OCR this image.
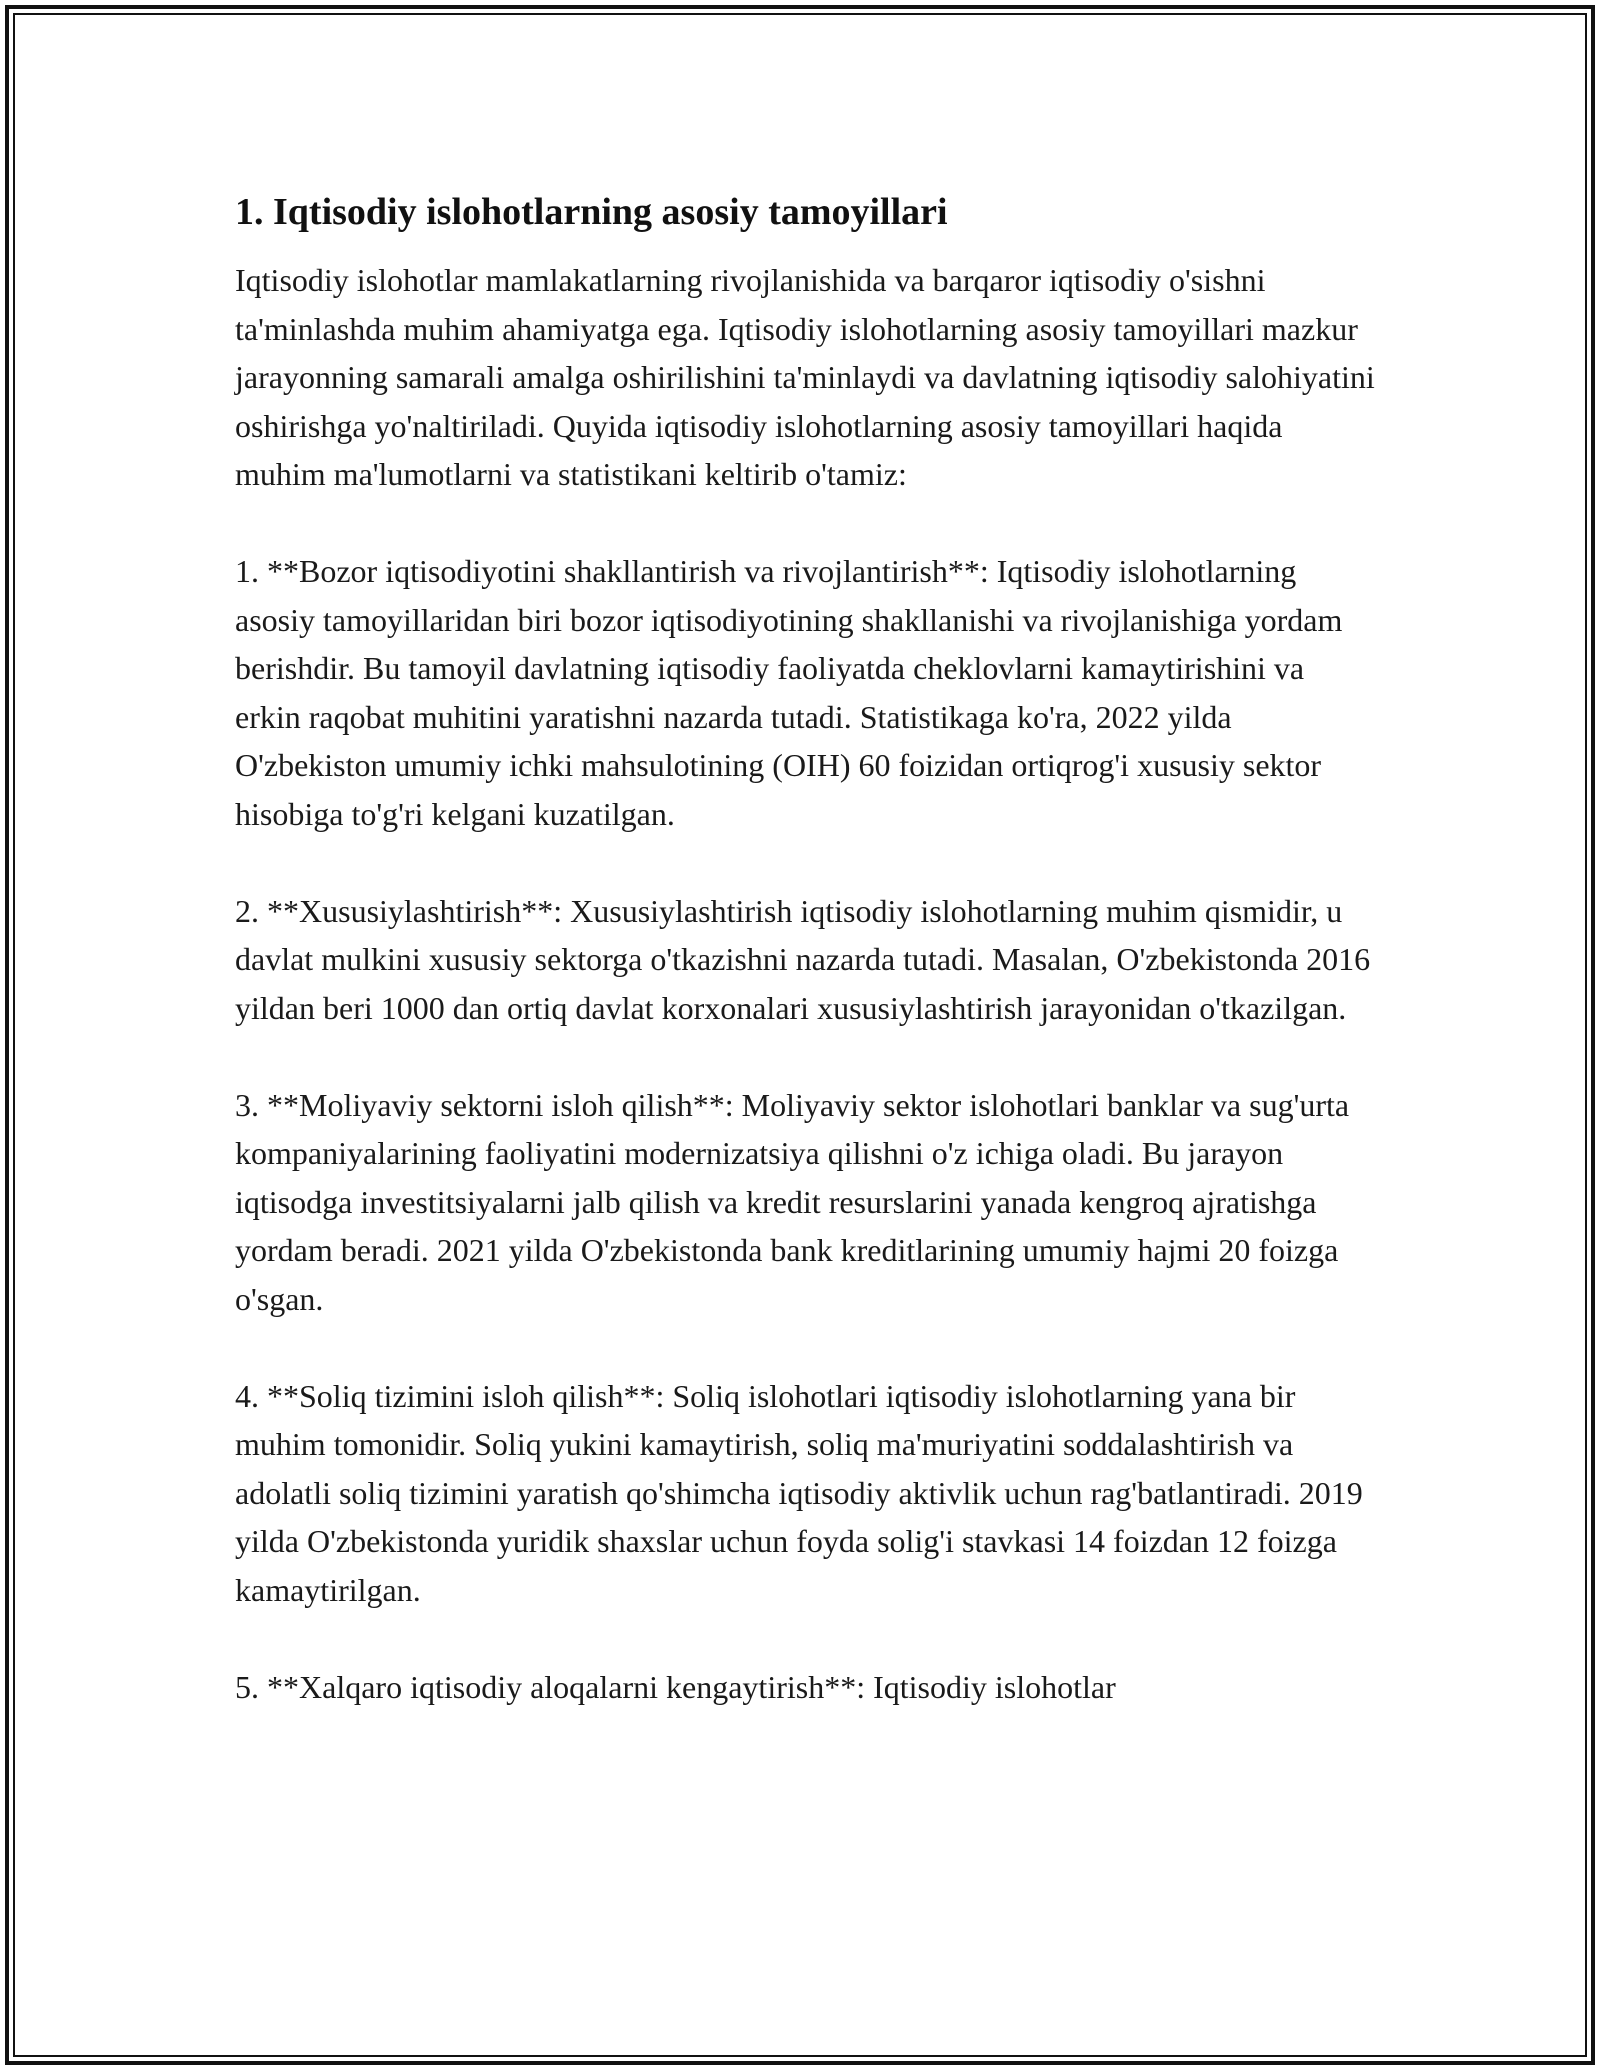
1. Iqtisodiy islohotlarning asosiy tamoyillari

Iqtisodiy islohotlar mamlakatlarning rivojlanishida va barqaror iqtisodiy o'sishni ta'minlashda muhim ahamiyatga ega. Iqtisodiy islohotlarning asosiy tamoyillari mazkur jarayonning samarali amalga oshirilishini ta'minlaydi va davlatning iqtisodiy salohiyatini oshirishga yo'naltiriladi. Quyida iqtisodiy islohotlarning asosiy tamoyillari haqida muhim ma'lumotlarni va statistikani keltirib o'tamiz:

1. **Bozor iqtisodiyotini shakllantirish va rivojlantirish**: Iqtisodiy islohotlarning asosiy tamoyillaridan biri bozor iqtisodiyotining shakllanishi va rivojlanishiga yordam berishdir. Bu tamoyil davlatning iqtisodiy faoliyatda cheklovlarni kamaytirishini va erkin raqobat muhitini yaratishni nazarda tutadi. Statistikaga ko'ra, 2022 yilda O'zbekiston umumiy ichki mahsulotining (OIH) 60 foizidan ortiqrog'i xususiy sektor hisobiga to'g'ri kelgani kuzatilgan.

2. **Xususiylashtirish**: Xususiylashtirish iqtisodiy islohotlarning muhim qismidir, u davlat mulkini xususiy sektorga o'tkazishni nazarda tutadi. Masalan, O'zbekistonda 2016 yildan beri 1000 dan ortiq davlat korxonalari xususiylashtirish jarayonidan o'tkazilgan.

3. **Moliyaviy sektorni isloh qilish**: Moliyaviy sektor islohotlari banklar va sug'urta kompaniyalarining faoliyatini modernizatsiya qilishni o'z ichiga oladi. Bu jarayon iqtisodga investitsiyalarni jalb qilish va kredit resurslarini yanada kengroq ajratishga yordam beradi. 2021 yilda O'zbekistonda bank kreditlarining umumiy hajmi 20 foizga o'sgan.

4. **Soliq tizimini isloh qilish**: Soliq islohotlari iqtisodiy islohotlarning yana bir muhim tomonidir. Soliq yukini kamaytirish, soliq ma'muriyatini soddalashtirish va adolatli soliq tizimini yaratish qo'shimcha iqtisodiy aktivlik uchun rag'batlantiradi. 2019 yilda O'zbekistonda yuridik shaxslar uchun foyda solig'i stavkasi 14 foizdan 12 foizga kamaytirilgan.

5. **Xalqaro iqtisodiy aloqalarni kengaytirish**: Iqtisodiy islohotlar
